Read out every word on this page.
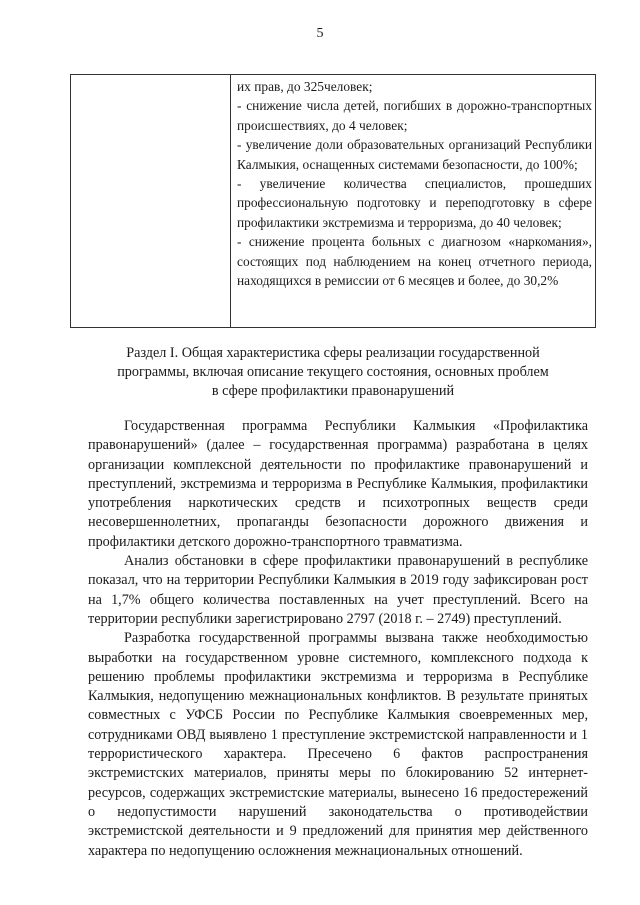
5
их прав, до 325человек;
- снижение числа детей, погибших в дорожно-транспортных происшествиях, до 4 человек;
- увеличение доли образовательных организаций Республики Калмыкия, оснащенных системами безопасности, до 100%;
- увеличение количества специалистов, прошедших профессиональную подготовку и переподготовку в сфере профилактики экстремизма и терроризма, до 40 человек;
- снижение процента больных с диагнозом «наркомания», состоящих под наблюдением на конец отчетного периода, находящихся в ремиссии от 6 месяцев и более, до 30,2%
Раздел I. Общая характеристика сферы реализации государственной
программы, включая описание текущего состояния, основных проблем
в сфере профилактики правонарушений

Государственная программа Республики Калмыкия «Профилактика правонарушений» (далее – государственная программа) разработана в целях организации комплексной деятельности по профилактике правонарушений и преступлений, экстремизма и терроризма в Республике Калмыкия, профилактики употребления наркотических средств и психотропных веществ среди несовершеннолетних, пропаганды безопасности дорожного движения и профилактики детского дорожно-транспортного травматизма.

Анализ обстановки в сфере профилактики правонарушений в республике показал, что на территории Республики Калмыкия в 2019 году зафиксирован рост на 1,7% общего количества поставленных на учет преступлений. Всего на территории республики зарегистрировано 2797 (2018 г. – 2749) преступлений.

Разработка государственной программы вызвана также необходимостью выработки на государственном уровне системного, комплексного подхода к решению проблемы профилактики экстремизма и терроризма в Республике Калмыкия, недопущению межнациональных конфликтов. В результате принятых совместных с УФСБ России по Республике Калмыкия своевременных мер, сотрудниками ОВД выявлено 1 преступление экстремистской направленности и 1 террористического характера. Пресечено 6 фактов распространения экстремистских материалов, приняты меры по блокированию 52 интернет-ресурсов, содержащих экстремистские материалы, вынесено 16 предостережений о недопустимости нарушений законодательства о противодействии экстремистской деятельности и 9 предложений для принятия мер действенного характера по недопущению осложнения межнациональных отношений.
